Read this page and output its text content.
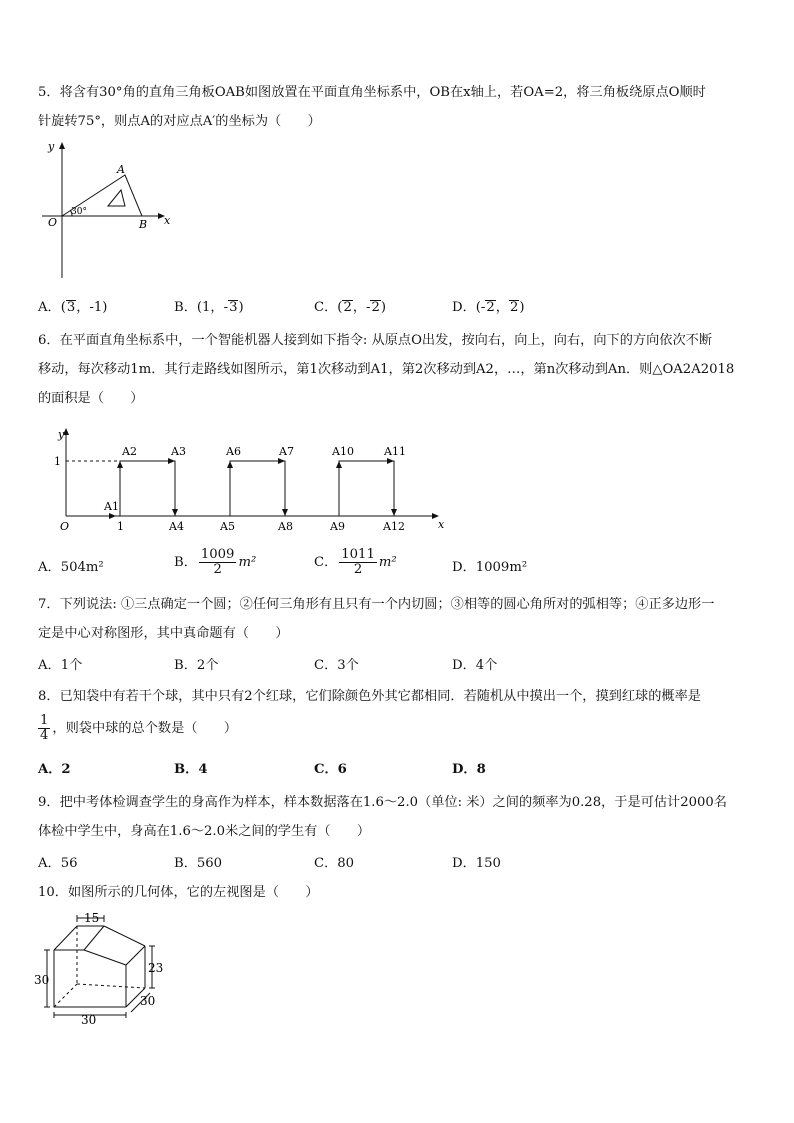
5．将含有30°角的直角三角板OAB如图放置在平面直角坐标系中，OB在x轴上，若OA=2，将三角板绕原点O顺时

针旋转75°，则点A的对应点A′的坐标为（　　）

y
x
O
A
B
30°
A．(3，-1)	B．(1，-3)	C．(2，-2)	D．(-2，2)

6．在平面直角坐标系中，一个智能机器人接到如下指令: 从原点O出发，按向右，向上，向右，向下的方向依次不断

移动，每次移动1m．其行走路线如图所示，第1次移动到A1，第2次移动到A2，…，第n次移动到An．则△OA2A2018

的面积是（　　）

y
x
O
1
1
A1
A2	A3
A4	A5
A6	A7
A8	A9
A10	A11
A12
A．504m²	B． $\frac{1009}{2} m^2$	C． $\frac{1011}{2} m^2$	D．1009m²

7．下列说法: ①三点确定一个圆；②任何三角形有且只有一个内切圆；③相等的圆心角所对的弧相等；④正多边形一

定是中心对称图形，其中真命题有（　　）

A．1个	B．2个	C．3个	D．4个

8．已知袋中有若干个球，其中只有2个红球，它们除颜色外其它都相同．若随机从中摸出一个，摸到红球的概率是

$\frac{1}{4}$ ，则袋中球的总个数是（　　）
A．2	B．4	C．6	D．8

9．把中考体检调查学生的身高作为样本，样本数据落在1.6～2.0（单位: 米）之间的频率为0.28，于是可估计2000名

体检中学生中，身高在1.6～2.0米之间的学生有（　　）

A．56	B．560	C．80	D．150

10．如图所示的几何体，它的左视图是（　　）

15
30
23
30
30
